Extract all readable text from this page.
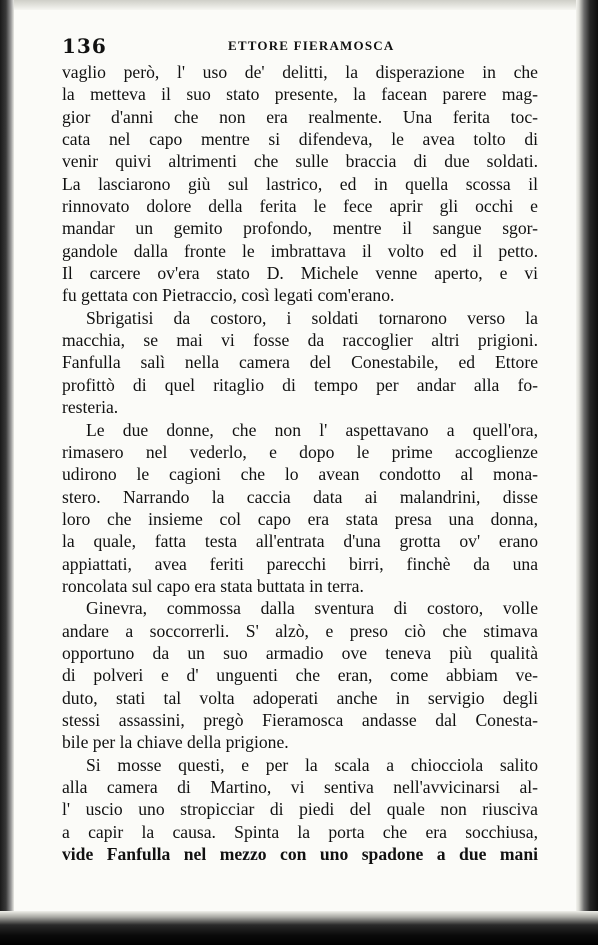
136	ETTORE FIERAMOSCA
vaglio però, l' uso de' delitti, la disperazione in che
la metteva il suo stato presente, la facean parere mag-
gior d'anni che non era realmente. Una ferita toc-
cata nel capo mentre si difendeva, le avea tolto di
venir quivi altrimenti che sulle braccia di due soldati.
La lasciarono giù sul lastrico, ed in quella scossa il
rinnovato dolore della ferita le fece aprir gli occhi e
mandar un gemito profondo, mentre il sangue sgor-
gandole dalla fronte le imbrattava il volto ed il petto.
Il carcere ov'era stato D. Michele venne aperto, e vi
fu gettata con Pietraccio, così legati com'erano.
Sbrigatisi da costoro, i soldati tornarono verso la
macchia, se mai vi fosse da raccoglier altri prigioni.
Fanfulla salì nella camera del Conestabile, ed Ettore
profittò di quel ritaglio di tempo per andar alla fo-
resteria.
Le due donne, che non l' aspettavano a quell'ora,
rimasero nel vederlo, e dopo le prime accoglienze
udirono le cagioni che lo avean condotto al mona-
stero. Narrando la caccia data ai malandrini, disse
loro che insieme col capo era stata presa una donna,
la quale, fatta testa all'entrata d'una grotta ov' erano
appiattati, avea feriti parecchi birri, finchè da una
roncolata sul capo era stata buttata in terra.
Ginevra, commossa dalla sventura di costoro, volle
andare a soccorrerli. S' alzò, e preso ciò che stimava
opportuno da un suo armadio ove teneva più qualità
di polveri e d' unguenti che eran, come abbiam ve-
duto, stati tal volta adoperati anche in servigio degli
stessi assassini, pregò Fieramosca andasse dal Conesta-
bile per la chiave della prigione.
Si mosse questi, e per la scala a chiocciola salito
alla camera di Martino, vi sentiva nell'avvicinarsi al-
l' uscio uno stropicciar di piedi del quale non riusciva
a capir la causa. Spinta la porta che era socchiusa,
vide Fanfulla nel mezzo con uno spadone a due mani
